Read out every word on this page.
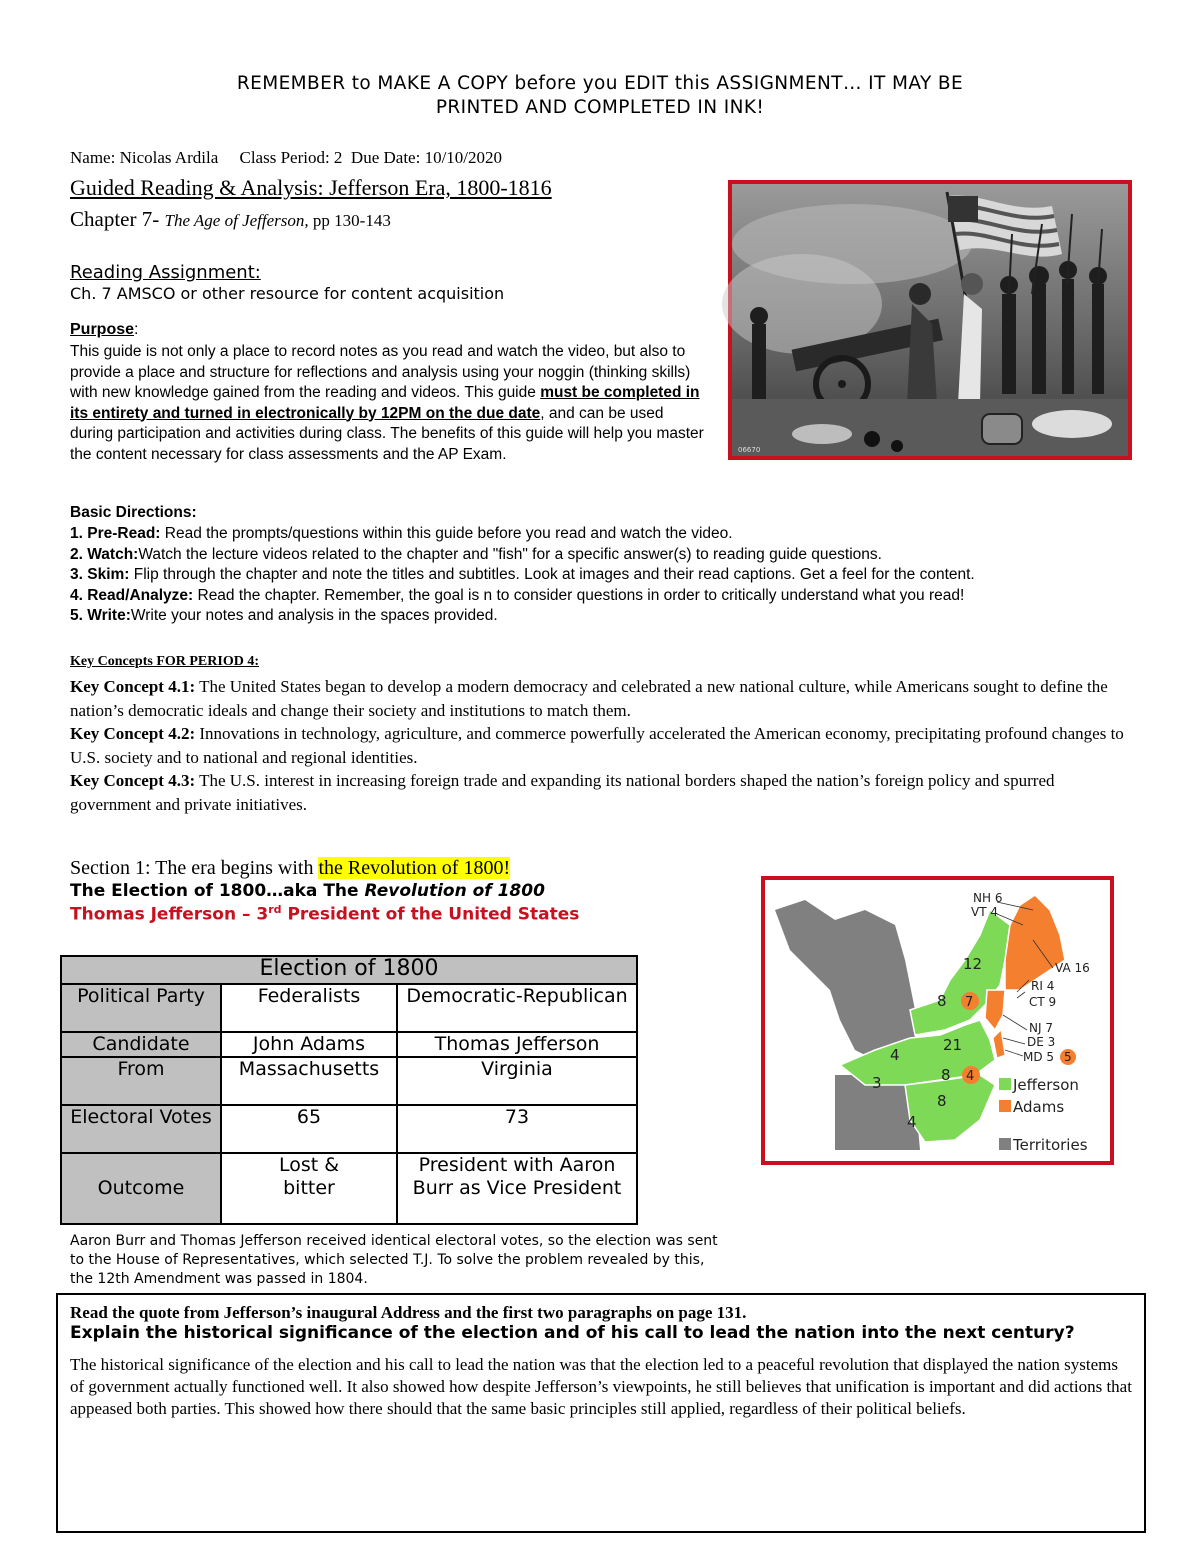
REMEMBER to MAKE A COPY before you EDIT this ASSIGNMENT… IT MAY BE
PRINTED AND COMPLETED IN INK!
Name: Nicolas Ardila     Class Period: 2  Due Date: 10/10/2020
Guided Reading & Analysis: Jefferson Era, 1800-1816
Chapter 7- The Age of Jefferson, pp 130-143
Reading Assignment:
Ch. 7 AMSCO or other resource for content acquisition
Purpose:
This guide is not only a place to record notes as you read and watch the video, but also to provide a place and structure for reflections and analysis using your noggin (thinking skills) with new knowledge gained from the reading and videos. This guide must be completed in its entirety and turned in electronically by 12PM on the due date, and can be used during participation and activities during class. The benefits of this guide will help you master the content necessary for class assessments and the AP Exam.	06670
Basic Directions:
1. Pre-Read: Read the prompts/questions within this guide before you read and watch the video.
2. Watch:Watch the lecture videos related to the chapter and "fish" for a specific answer(s) to reading guide questions.
3. Skim: Flip through the chapter and note the titles and subtitles. Look at images and their read captions. Get a feel for the content.
4. Read/Analyze: Read the chapter. Remember, the goal is n to consider questions in order to critically understand what you read!
5. Write:Write your notes and analysis in the spaces provided.
Key Concepts FOR PERIOD 4:
Key Concept 4.1: The United States began to develop a modern democracy and celebrated a new national culture, while Americans sought to define the nation’s democratic ideals and change their society and institutions to match them.
Key Concept 4.2: Innovations in technology, agriculture, and commerce powerfully accelerated the American economy, precipitating profound changes to U.S. society and to national and regional identities.
Key Concept 4.3: The U.S. interest in increasing foreign trade and expanding its national borders shaped the nation’s foreign policy and spurred government and private initiatives.
Section 1: The era begins with the Revolution of 1800!
The Election of 1800…aka The Revolution of 1800
Thomas Jefferson – 3rd President of the United States
Election of 1800		
Political Party	Federalists	Democratic-Republican
Candidate	John Adams	Thomas Jefferson
From	Massachusetts	Virginia
Electoral Votes	65	73
Outcome	Lost & bitter	President with Aaron Burr as Vice President
Aaron Burr and Thomas Jefferson received identical electoral votes, so the election was sent to the House of Representatives, which selected T.J. To solve the problem revealed by this, the 12th Amendment was passed in 1804.
12
8 7
21
4
3	8 4
4
8
NH 6
VT 4
VA 16
RI 4
CT 9
NJ 7
DE 3
MD 5 5
Jefferson
Adams
Territories
Read the quote from Jefferson’s inaugural Address and the first two paragraphs on page 131.
Explain the historical significance of the election and of his call to lead the nation into the next century?
The historical significance of the election and his call to lead the nation was that the election led to a peaceful revolution that displayed the nation systems of government actually functioned well. It also showed how despite Jefferson’s viewpoints, he still believes that unification is important and did actions that appeased both parties. This showed how there should that the same basic principles still applied, regardless of their political beliefs.
